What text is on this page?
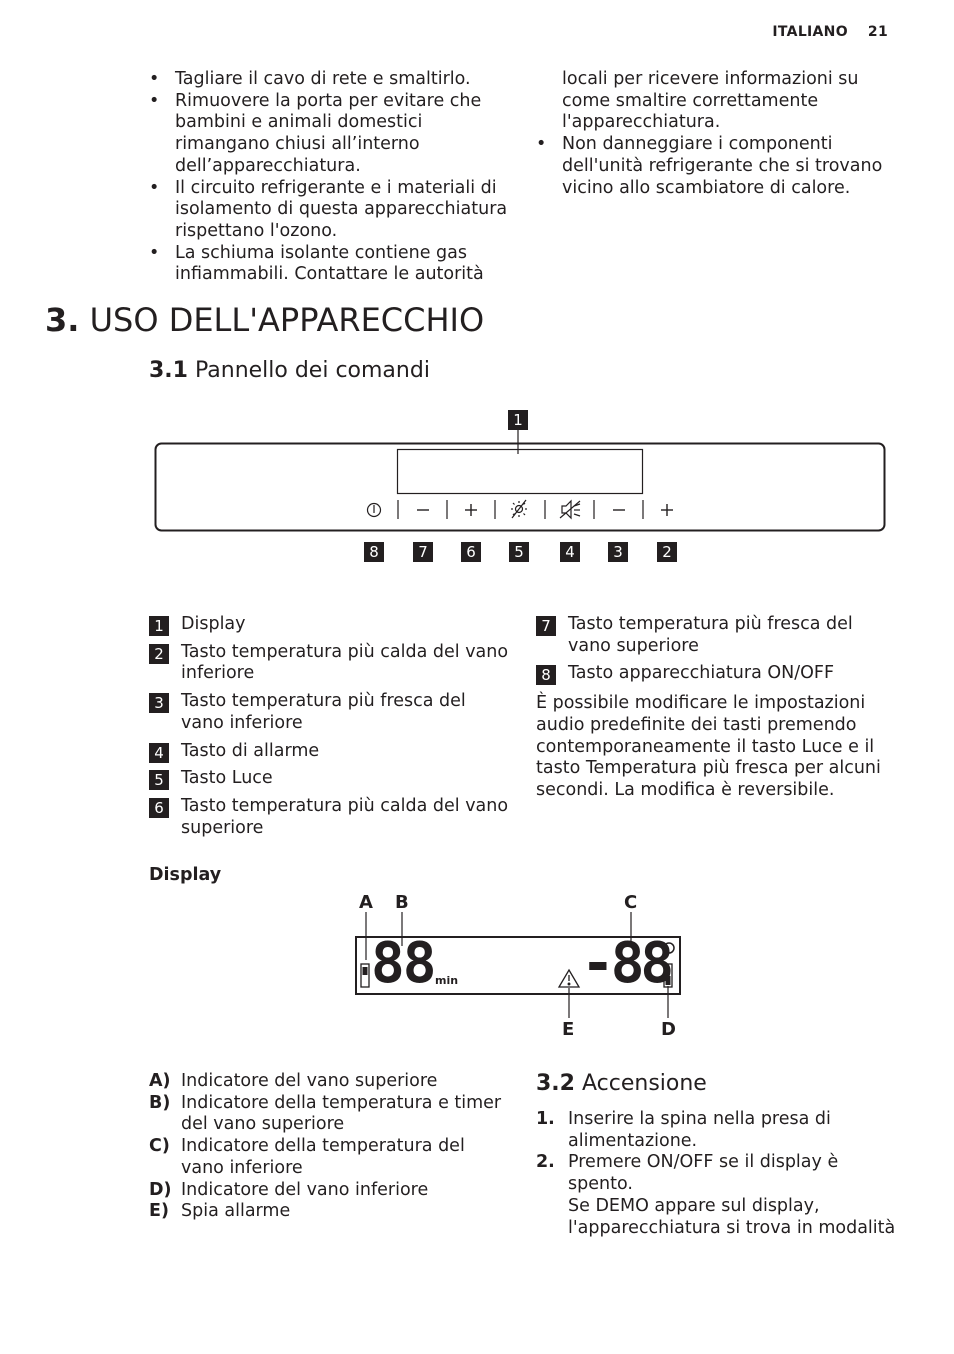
ITALIANO 21
• Tagliare il cavo di rete e smaltirlo.
• Rimuovere la porta per evitare che bambini e animali domestici rimangano chiusi all’interno dell’apparecchiatura.
• Il circuito refrigerante e i materiali di isolamento di questa apparecchiatura rispettano l'ozono.
• La schiuma isolante contiene gas infiammabili. Contattare le autorità
locali per ricevere informazioni su come smaltire correttamente l'apparecchiatura.
• Non danneggiare i componenti dell'unità refrigerante che si trovano vicino allo scambiatore di calore.
3. USO DELL'APPARECCHIO
3.1 Pannello dei comandi
1
8	7	6	5	4	3	2
1 Display
2 Tasto temperatura più calda del vano inferiore
3 Tasto temperatura più fresca del vano inferiore
4 Tasto di allarme
5 Tasto Luce
6 Tasto temperatura più calda del vano superiore
7 Tasto temperatura più fresca del vano superiore
8 Tasto apparecchiatura ON/OFF

È possibile modificare le impostazioni audio predefinite dei tasti premendo contemporaneamente il tasto Luce e il tasto Temperatura più fresca per alcuni secondi. La modifica è reversibile.

Display
A B	C
E	D
88 min -88
A) Indicatore del vano superiore
B) Indicatore della temperatura e timer del vano superiore
C) Indicatore della temperatura del vano inferiore
D) Indicatore del vano inferiore
E) Spia allarme
3.2 Accensione
1. Inserire la spina nella presa di alimentazione.
2. Premere ON/OFF se il display è spento.
Se DEMO appare sul display, l'apparecchiatura si trova in modalità
